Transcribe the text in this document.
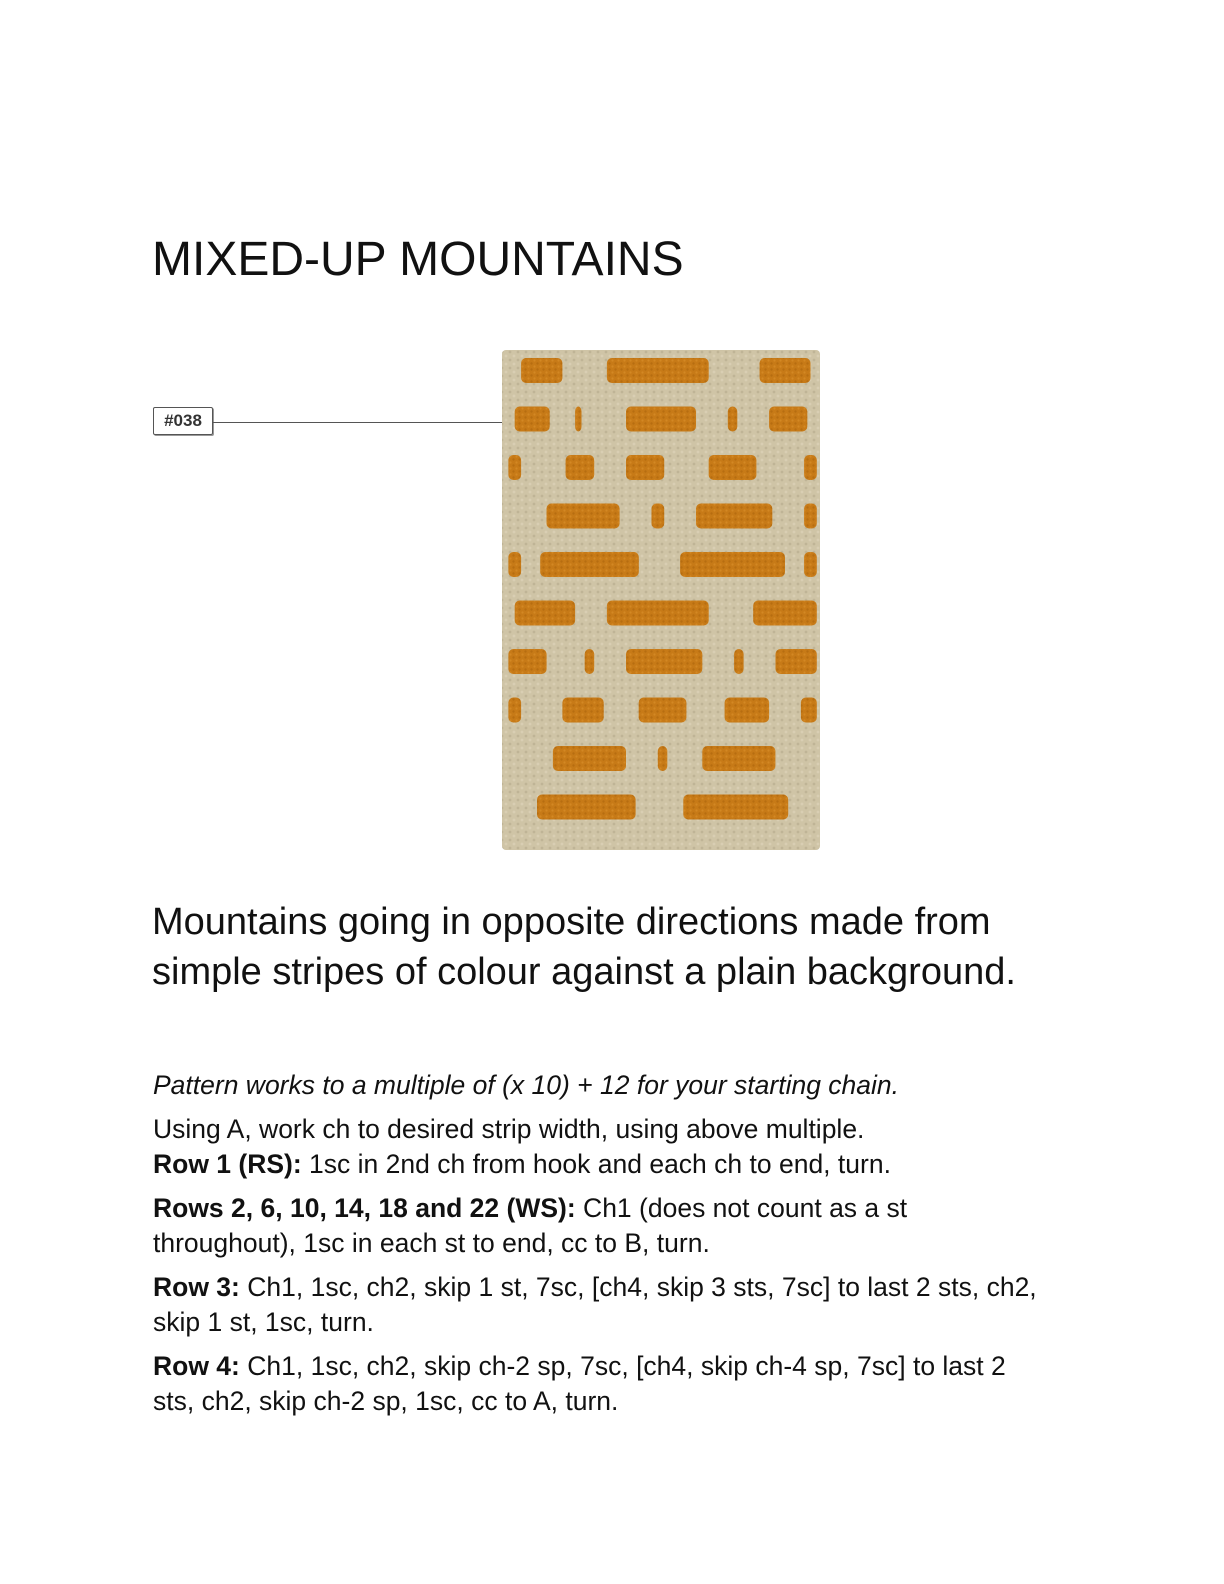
MIXED-UP MOUNTAINS
#038

Mountains going in opposite directions made from simple stripes of colour against a plain background.

Pattern works to a multiple of (x 10) + 12 for your starting chain.

Using A, work ch to desired strip width, using above multiple.

Row 1 (RS): 1sc in 2nd ch from hook and each ch to end, turn.

Rows 2, 6, 10, 14, 18 and 22 (WS): Ch1 (does not count as a st throughout), 1sc in each st to end, cc to B, turn.

Row 3: Ch1, 1sc, ch2, skip 1 st, 7sc, [ch4, skip 3 sts, 7sc] to last 2 sts, ch2, skip 1 st, 1sc, turn.

Row 4: Ch1, 1sc, ch2, skip ch-2 sp, 7sc, [ch4, skip ch-4 sp, 7sc] to last 2 sts, ch2, skip ch-2 sp, 1sc, cc to A, turn.
